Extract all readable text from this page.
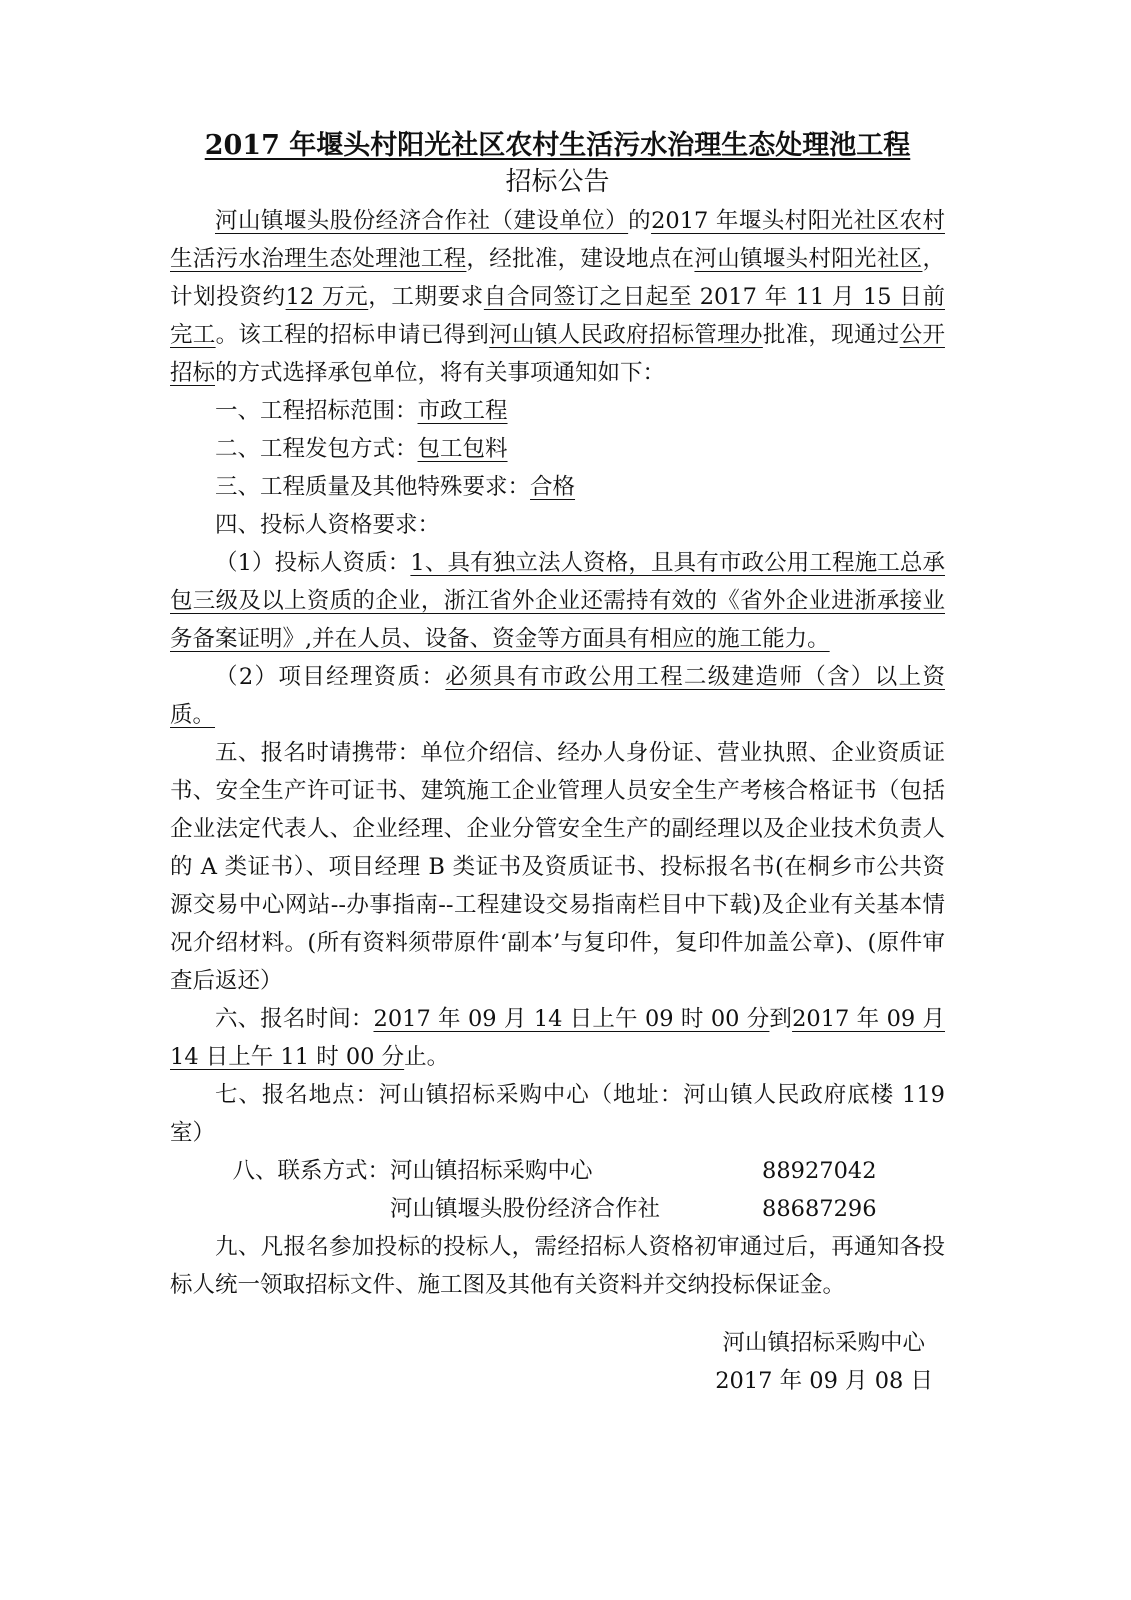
2017 年堰头村阳光社区农村生活污水治理生态处理池工程
招标公告

河山镇堰头股份经济合作社（建设单位）的2017 年堰头村阳光社区农村生活污水治理生态处理池工程，经批准，建设地点在河山镇堰头村阳光社区，计划投资约12 万元，工期要求自合同签订之日起至 2017 年 11 月 15 日前完工。该工程的招标申请已得到河山镇人民政府招标管理办批准，现通过公开招标的方式选择承包单位，将有关事项通知如下：

一、工程招标范围：市政工程

二、工程发包方式：包工包料

三、工程质量及其他特殊要求：合格

四、投标人资格要求：

（1）投标人资质：1、具有独立法人资格，且具有市政公用工程施工总承包三级及以上资质的企业，浙江省外企业还需持有效的《省外企业进浙承接业务备案证明》,并在人员、设备、资金等方面具有相应的施工能力。

（2）项目经理资质：必须具有市政公用工程二级建造师（含）以上资质。

五、报名时请携带：单位介绍信、经办人身份证、营业执照、企业资质证书、安全生产许可证书、建筑施工企业管理人员安全生产考核合格证书（包括企业法定代表人、企业经理、企业分管安全生产的副经理以及企业技术负责人的 A 类证书）、项目经理 B 类证书及资质证书、投标报名书(在桐乡市公共资源交易中心网站--办事指南--工程建设交易指南栏目中下载)及企业有关基本情况介绍材料。(所有资料须带原件‘副本’与复印件，复印件加盖公章)、(原件审查后返还）

六、报名时间：2017 年 09 月 14 日上午 09 时 00 分到2017 年 09 月 14 日上午 11 时 00 分止。

七、报名地点：河山镇招标采购中心（地址：河山镇人民政府底楼 119 室）

八、联系方式：河山镇招标采购中心	88927042

河山镇堰头股份经济合作社	88687296

九、凡报名参加投标的投标人，需经招标人资格初审通过后，再通知各投标人统一领取招标文件、施工图及其他有关资料并交纳投标保证金。

河山镇招标采购中心
2017 年 09 月 08 日
